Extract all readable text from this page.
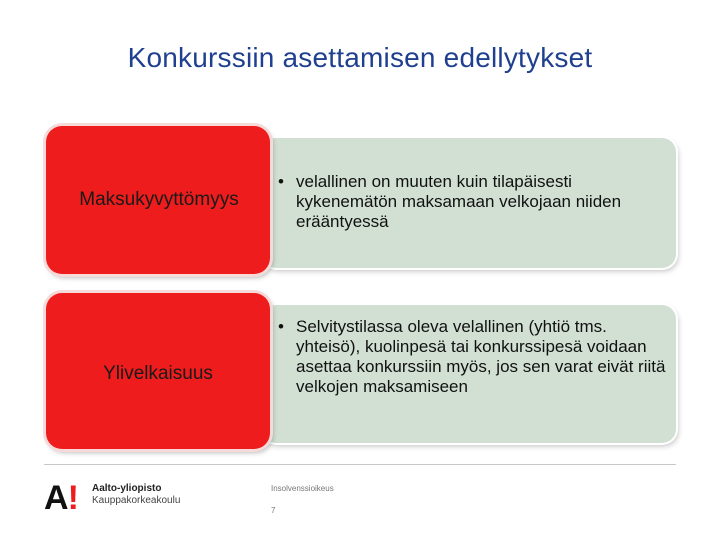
Konkurssiin asettamisen edellytykset
Maksukyvyttömyys
• velallinen on muuten kuin tilapäisesti kykenemätön maksamaan velkojaan niiden erääntyessä
Ylivelkaisuus
• Selvitystilassa oleva velallinen (yhtiö tms. yhteisö), kuolinpesä tai konkurssipesä voidaan asettaa konkurssiin myös, jos sen varat eivät riitä velkojen maksamiseen
A! Aalto-yliopisto
Kauppakorkeakoulu
Insolvenssioikeus
7
